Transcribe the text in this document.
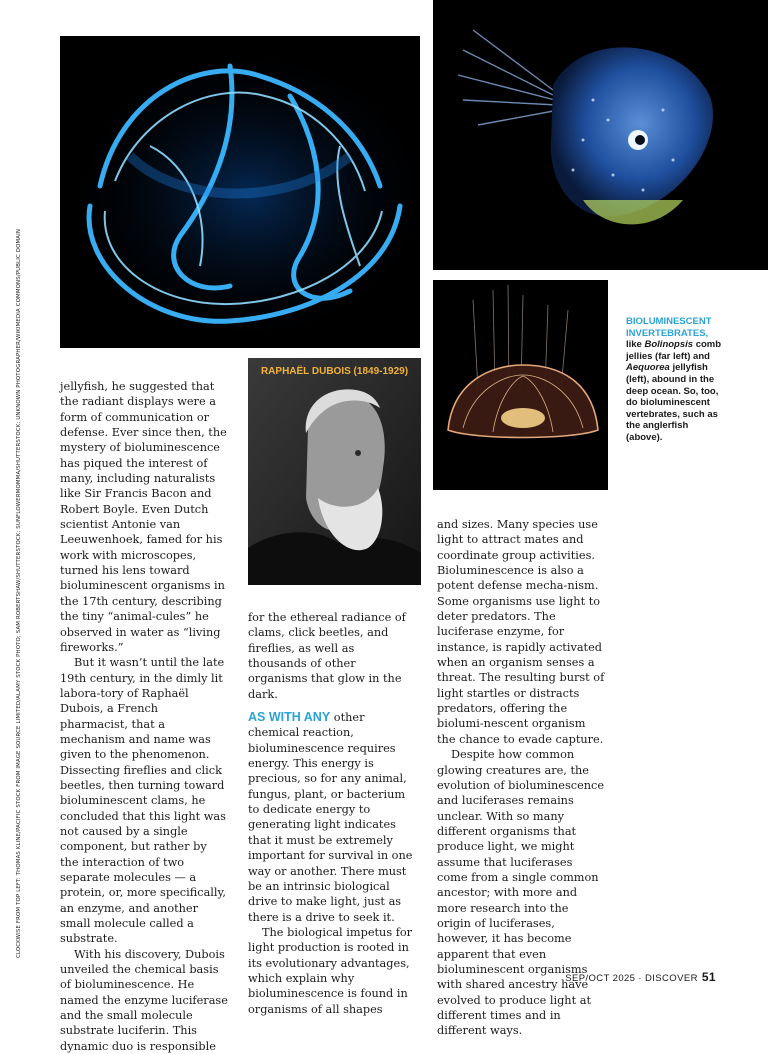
CLOCKWISE FROM TOP LEFT: THOMAS KLINE/PACIFIC STOCK FROM IMAGE SOURCE LIMITED/ALAMY STOCK PHOTO; SAM ROBERTSHAW/SHUTTERSTOCK; SUNFLOWERMOMMA/SHUTTERSTOCK; UNKNOWN PHOTOGRAPHER/WIKIMEDIA COMMONS/PUBLIC DOMAIN	RAPHAËL DUBOIS (1849-1929)
BIOLUMINESCENT INVERTEBRATES, like Bolinopsis comb jellies (far left) and Aequorea jellyfish (left), abound in the deep ocean. So, too, do bioluminescent vertebrates, such as the anglerfish (above).

jellyfish, he suggested that the radiant displays were a form of communication or defense. Ever since then, the mystery of bioluminescence has piqued the interest of many, including naturalists like Sir Francis Bacon and Robert Boyle. Even Dutch scientist Antonie van Leeuwenhoek, famed for his work with microscopes, turned his lens toward bioluminescent organisms in the 17th century, describing the tiny “animal-cules” he observed in water as “living fireworks.”

But it wasn’t until the late 19th century, in the dimly lit labora-tory of Raphaël Dubois, a French pharmacist, that a mechanism and name was given to the phenomenon. Dissecting fireflies and click beetles, then turning toward bioluminescent clams, he concluded that this light was not caused by a single component, but rather by the interaction of two separate molecules — a protein, or, more specifically, an enzyme, and another small molecule called a substrate.

With his discovery, Dubois unveiled the chemical basis of bioluminescence. He named the enzyme luciferase and the small molecule substrate luciferin. This dynamic duo is responsible

for the ethereal radiance of clams, click beetles, and fireflies, as well as thousands of other organisms that glow in the dark.

AS WITH ANY other chemical reaction, bioluminescence requires energy. This energy is precious, so for any animal, fungus, plant, or bacterium to dedicate energy to generating light indicates that it must be extremely important for survival in one way or another. There must be an intrinsic biological drive to make light, just as there is a drive to seek it.

The biological impetus for light production is rooted in its evolutionary advantages, which explain why bioluminescence is found in organisms of all shapes

and sizes. Many species use light to attract mates and coordinate group activities. Bioluminescence is also a potent defense mecha-nism. Some organisms use light to deter predators. The luciferase enzyme, for instance, is rapidly activated when an organism senses a threat. The resulting burst of light startles or distracts predators, offering the biolumi-nescent organism the chance to evade capture.

Despite how common glowing creatures are, the evolution of bioluminescence and luciferases remains unclear. With so many different organisms that produce light, we might assume that luciferases come from a single common ancestor; with more and more research into the origin of luciferases, however, it has become apparent that even bioluminescent organisms with shared ancestry have evolved to produce light at different times and in different ways.

SEP/OCT 2025 · DISCOVER 51
